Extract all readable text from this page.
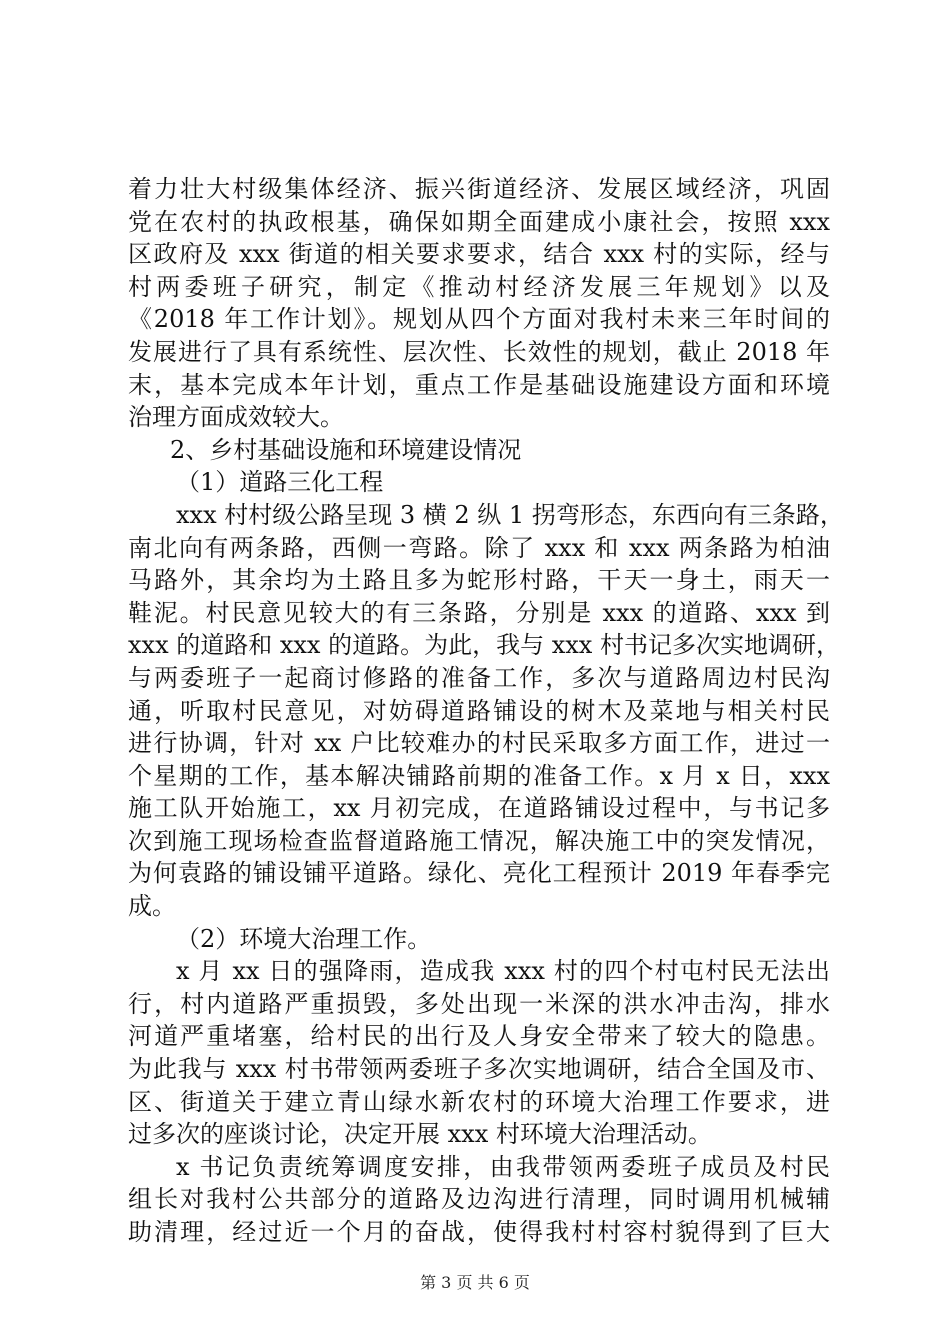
着力壮大村级集体经济、振兴街道经济、发展区域经济，巩固
党在农村的执政根基，确保如期全面建成小康社会，按照 xxx
区政府及 xxx 街道的相关要求要求，结合 xxx 村的实际，经与
村两委班子研究，制定《推动村经济发展三年规划》以及
《2018 年工作计划》。规划从四个方面对我村未来三年时间的
发展进行了具有系统性、层次性、长效性的规划，截止 2018 年
末，基本完成本年计划，重点工作是基础设施建设方面和环境
治理方面成效较大。
2、乡村基础设施和环境建设情况
（1）道路三化工程
xxx 村村级公路呈现 3 横 2 纵 1 拐弯形态，东西向有三条路，
南北向有两条路，西侧一弯路。除了 xxx 和 xxx 两条路为柏油
马路外，其余均为土路且多为蛇形村路，干天一身土，雨天一
鞋泥。村民意见较大的有三条路，分别是 xxx 的道路、xxx 到
xxx 的道路和 xxx 的道路。为此，我与 xxx 村书记多次实地调研，
与两委班子一起商讨修路的准备工作，多次与道路周边村民沟
通，听取村民意见，对妨碍道路铺设的树木及菜地与相关村民
进行协调，针对 xx 户比较难办的村民采取多方面工作，进过一
个星期的工作，基本解决铺路前期的准备工作。x 月 x 日，xxx
施工队开始施工，xx 月初完成，在道路铺设过程中，与书记多
次到施工现场检查监督道路施工情况，解决施工中的突发情况，
为何袁路的铺设铺平道路。绿化、亮化工程预计 2019 年春季完
成。
（2）环境大治理工作。
x 月 xx 日的强降雨，造成我 xxx 村的四个村屯村民无法出
行，村内道路严重损毁，多处出现一米深的洪水冲击沟，排水
河道严重堵塞，给村民的出行及人身安全带来了较大的隐患。
为此我与 xxx 村书带领两委班子多次实地调研，结合全国及市、
区、街道关于建立青山绿水新农村的环境大治理工作要求，进
过多次的座谈讨论，决定开展 xxx 村环境大治理活动。
x 书记负责统筹调度安排，由我带领两委班子成员及村民
组长对我村公共部分的道路及边沟进行清理，同时调用机械辅
助清理，经过近一个月的奋战，使得我村村容村貌得到了巨大
第 3 页 共 6 页
